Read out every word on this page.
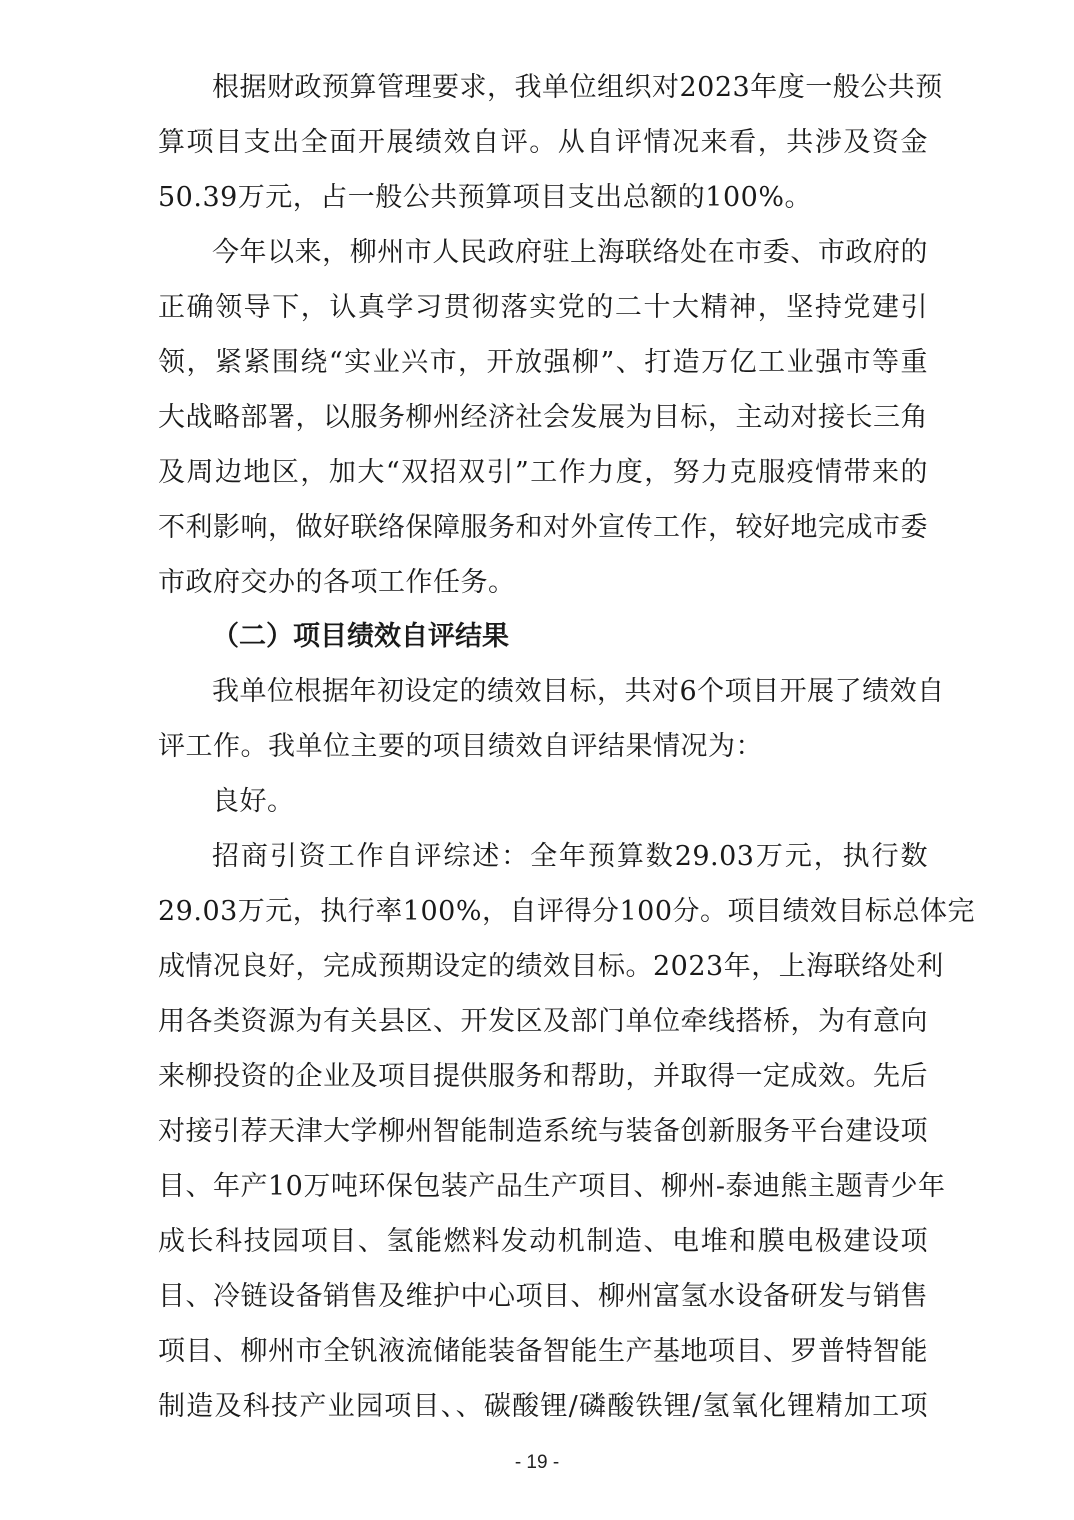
根据财政预算管理要求，我单位组织对2023年度一般公共预
算项目支出全面开展绩效自评。从自评情况来看，共涉及资金
50.39万元，占一般公共预算项目支出总额的100%。
今年以来，柳州市人民政府驻上海联络处在市委、市政府的
正确领导下，认真学习贯彻落实党的二十大精神，坚持党建引
领，紧紧围绕“实业兴市，开放强柳”、打造万亿工业强市等重
大战略部署，以服务柳州经济社会发展为目标，主动对接长三角
及周边地区，加大“双招双引”工作力度，努力克服疫情带来的
不利影响，做好联络保障服务和对外宣传工作，较好地完成市委
市政府交办的各项工作任务。
（二）项目绩效自评结果
我单位根据年初设定的绩效目标，共对6个项目开展了绩效自
评工作。我单位主要的项目绩效自评结果情况为：
良好。
招商引资工作自评综述：全年预算数29.03万元，执行数
29.03万元，执行率100%，自评得分100分。项目绩效目标总体完
成情况良好，完成预期设定的绩效目标。2023年，上海联络处利
用各类资源为有关县区、开发区及部门单位牵线搭桥，为有意向
来柳投资的企业及项目提供服务和帮助，并取得一定成效。先后
对接引荐天津大学柳州智能制造系统与装备创新服务平台建设项
目、年产10万吨环保包装产品生产项目、柳州-泰迪熊主题青少年
成长科技园项目、氢能燃料发动机制造、电堆和膜电极建设项
目、冷链设备销售及维护中心项目、柳州富氢水设备研发与销售
项目、柳州市全钒液流储能装备智能生产基地项目、罗普特智能
制造及科技产业园项目、、碳酸锂/磷酸铁锂/氢氧化锂精加工项
- 19 -
